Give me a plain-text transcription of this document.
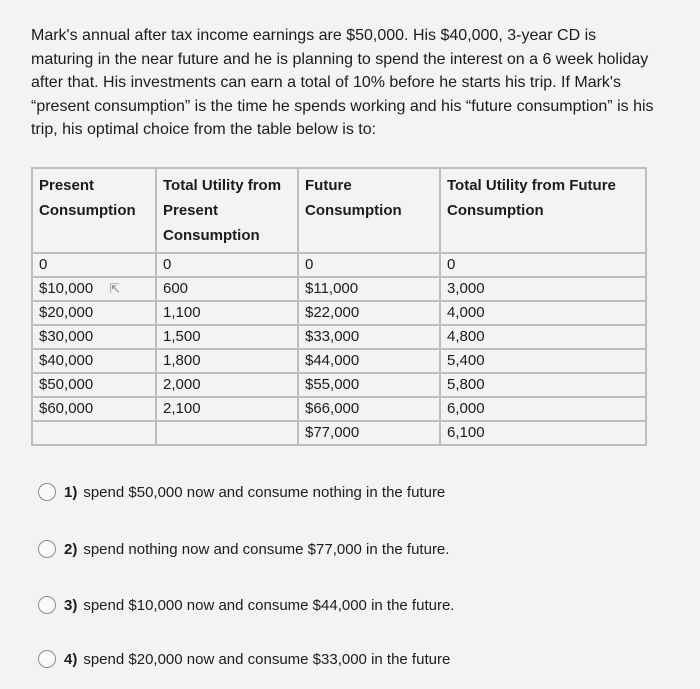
Mark's annual after tax income earnings are $50,000. His $40,000, 3-year CD is maturing in the near future and he is planning to spend the interest on a 6 week holiday after that. His investments can earn a total of 10% before he starts his trip. If Mark's “present consumption” is the time he spends working and his “future consumption” is his trip, his optimal choice from the table below is to:
Present Consumption	Total Utility from Present Consumption	Future Consumption	Total Utility from Future Consumption
0	0	0	0
$10,000 ⇱	600	$11,000	3,000
$20,000	1,100	$22,000	4,000
$30,000	1,500	$33,000	4,800
$40,000	1,800	$44,000	5,400
$50,000	2,000	$55,000	5,800
$60,000	2,100	$66,000	6,000
		$77,000	6,100
1) spend $50,000 now and consume nothing in the future
2) spend nothing now and consume $77,000 in the future.
3) spend $10,000 now and consume $44,000 in the future.
4) spend $20,000 now and consume $33,000 in the future
